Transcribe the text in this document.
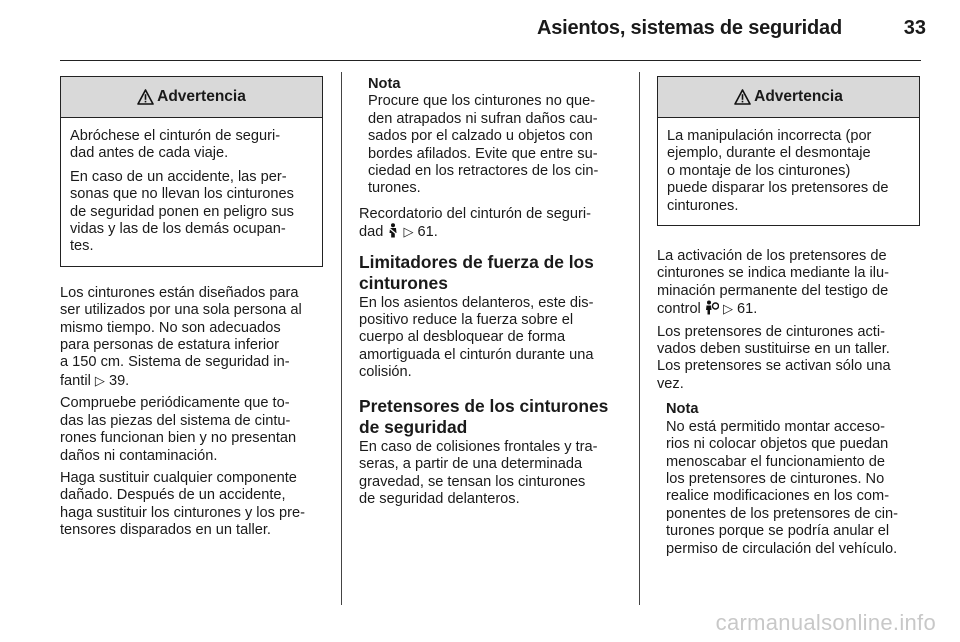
Asientos, sistemas de seguridad	33
Advertencia

Abróchese el cinturón de seguri-
dad antes de cada viaje.

En caso de un accidente, las per-
sonas que no llevan los cinturones
de seguridad ponen en peligro sus
vidas y las de los demás ocupan-
tes.

Los cinturones están diseñados para
ser utilizados por una sola persona al
mismo tiempo. No son adecuados
para personas de estatura inferior
a 150 cm. Sistema de seguridad in-
fantil ▷ 39.

Compruebe periódicamente que to-
das las piezas del sistema de cintu-
rones funcionan bien y no presentan
daños ni contaminación.

Haga sustituir cualquier componente
dañado. Después de un accidente,
haga sustituir los cinturones y los pre-
tensores disparados en un taller.

Nota
Procure que los cinturones no que-
den atrapados ni sufran daños cau-
sados por el calzado u objetos con
bordes afilados. Evite que entre su-
ciedad en los retractores de los cin-
turones.

Recordatorio del cinturón de seguri-
dad ▷ 61.

Limitadores de fuerza de los
cinturones

En los asientos delanteros, este dis-
positivo reduce la fuerza sobre el
cuerpo al desbloquear de forma
amortiguada el cinturón durante una
colisión.

Pretensores de los cinturones
de seguridad

En caso de colisiones frontales y tra-
seras, a partir de una determinada
gravedad, se tensan los cinturones
de seguridad delanteros.

Advertencia

La manipulación incorrecta (por
ejemplo, durante el desmontaje
o montaje de los cinturones)
puede disparar los pretensores de
cinturones.

La activación de los pretensores de
cinturones se indica mediante la ilu-
minación permanente del testigo de
control ▷ 61.

Los pretensores de cinturones acti-
vados deben sustituirse en un taller.
Los pretensores se activan sólo una
vez.

Nota
No está permitido montar acceso-
rios ni colocar objetos que puedan
menoscabar el funcionamiento de
los pretensores de cinturones. No
realice modificaciones en los com-
ponentes de los pretensores de cin-
turones porque se podría anular el
permiso de circulación del vehículo.
carmanualsonline.info
